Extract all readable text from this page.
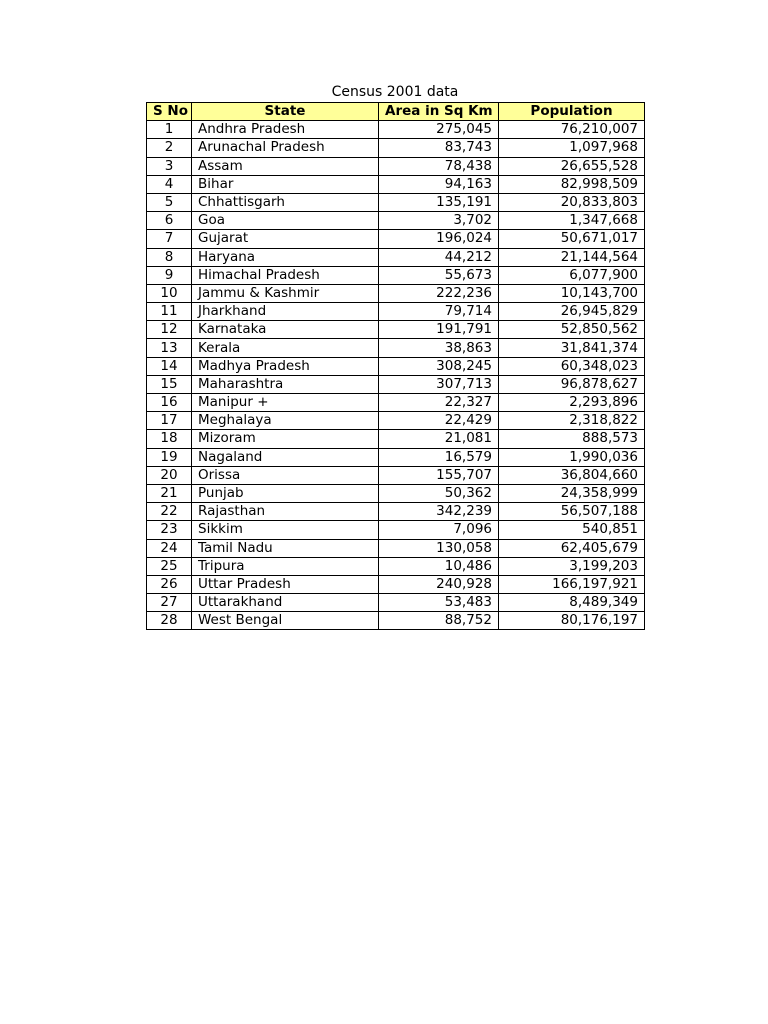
Census 2001 data
S No	State	Area in Sq Km	Population
1	Andhra Pradesh	275,045	76,210,007
2	Arunachal Pradesh	83,743	1,097,968
3	Assam	78,438	26,655,528
4	Bihar	94,163	82,998,509
5	Chhattisgarh	135,191	20,833,803
6	Goa	3,702	1,347,668
7	Gujarat	196,024	50,671,017
8	Haryana	44,212	21,144,564
9	Himachal Pradesh	55,673	6,077,900
10	Jammu & Kashmir	222,236	10,143,700
11	Jharkhand	79,714	26,945,829
12	Karnataka	191,791	52,850,562
13	Kerala	38,863	31,841,374
14	Madhya Pradesh	308,245	60,348,023
15	Maharashtra	307,713	96,878,627
16	Manipur +	22,327	2,293,896
17	Meghalaya	22,429	2,318,822
18	Mizoram	21,081	888,573
19	Nagaland	16,579	1,990,036
20	Orissa	155,707	36,804,660
21	Punjab	50,362	24,358,999
22	Rajasthan	342,239	56,507,188
23	Sikkim	7,096	540,851
24	Tamil Nadu	130,058	62,405,679
25	Tripura	10,486	3,199,203
26	Uttar Pradesh	240,928	166,197,921
27	Uttarakhand	53,483	8,489,349
28	West Bengal	88,752	80,176,197
